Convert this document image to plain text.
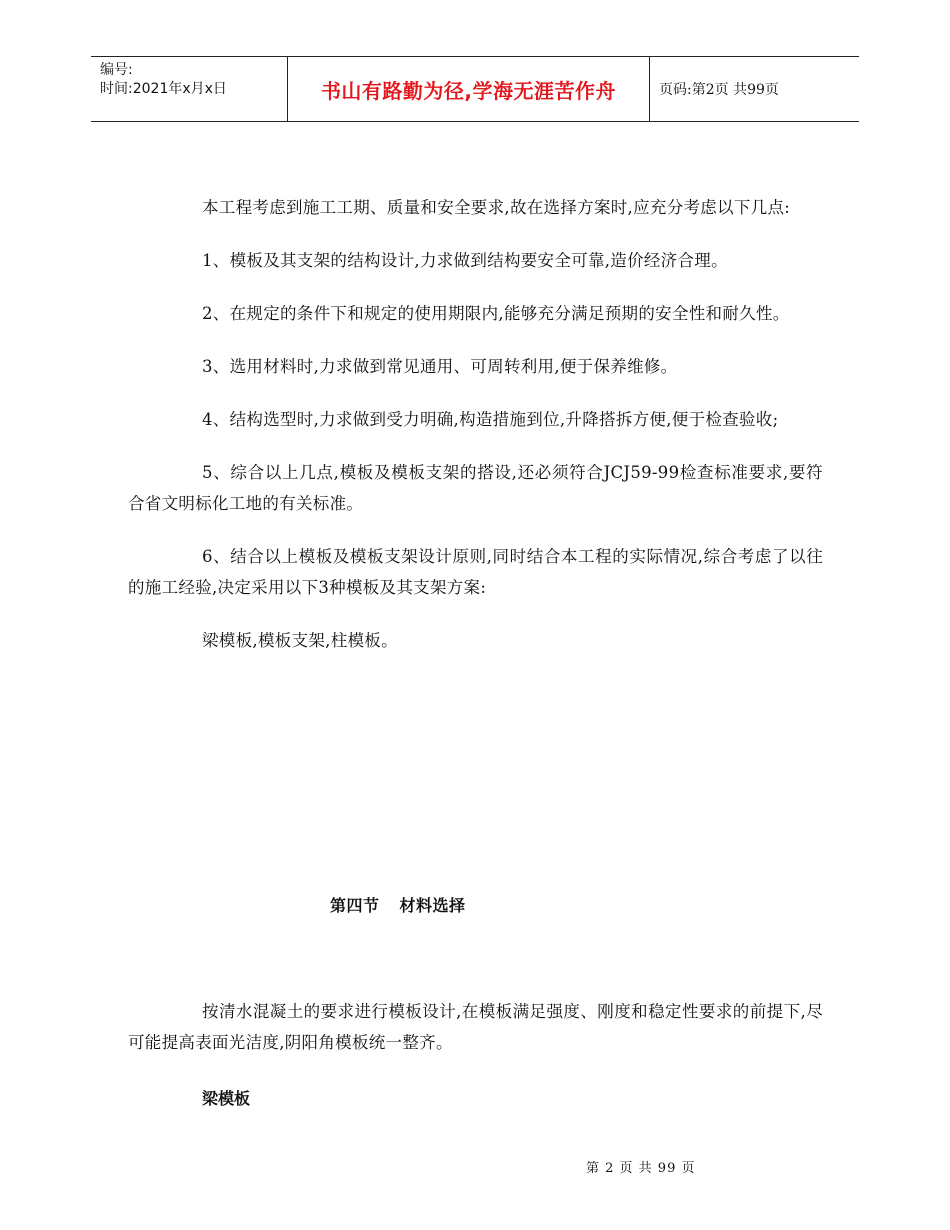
编号:
时间:2021年x月x日	书山有路勤为径,学海无涯苦作舟	页码:第2页 共99页

本工程考虑到施工工期、质量和安全要求,故在选择方案时,应充分考虑以下几点:

1、模板及其支架的结构设计,力求做到结构要安全可靠,造价经济合理。

2、在规定的条件下和规定的使用期限内,能够充分满足预期的安全性和耐久性。

3、选用材料时,力求做到常见通用、可周转利用,便于保养维修。

4、结构选型时,力求做到受力明确,构造措施到位,升降搭拆方便,便于检查验收;

5、综合以上几点,模板及模板支架的搭设,还必须符合JCJ59-99检查标准要求,要符合省文明标化工地的有关标准。

6、结合以上模板及模板支架设计原则,同时结合本工程的实际情况,综合考虑了以往的施工经验,决定采用以下3种模板及其支架方案:

梁模板,模板支架,柱模板。

第四节 材料选择

按清水混凝土的要求进行模板设计,在模板满足强度、刚度和稳定性要求的前提下,尽可能提高表面光洁度,阴阳角模板统一整齐。

梁模板
第 2 页 共 99 页
